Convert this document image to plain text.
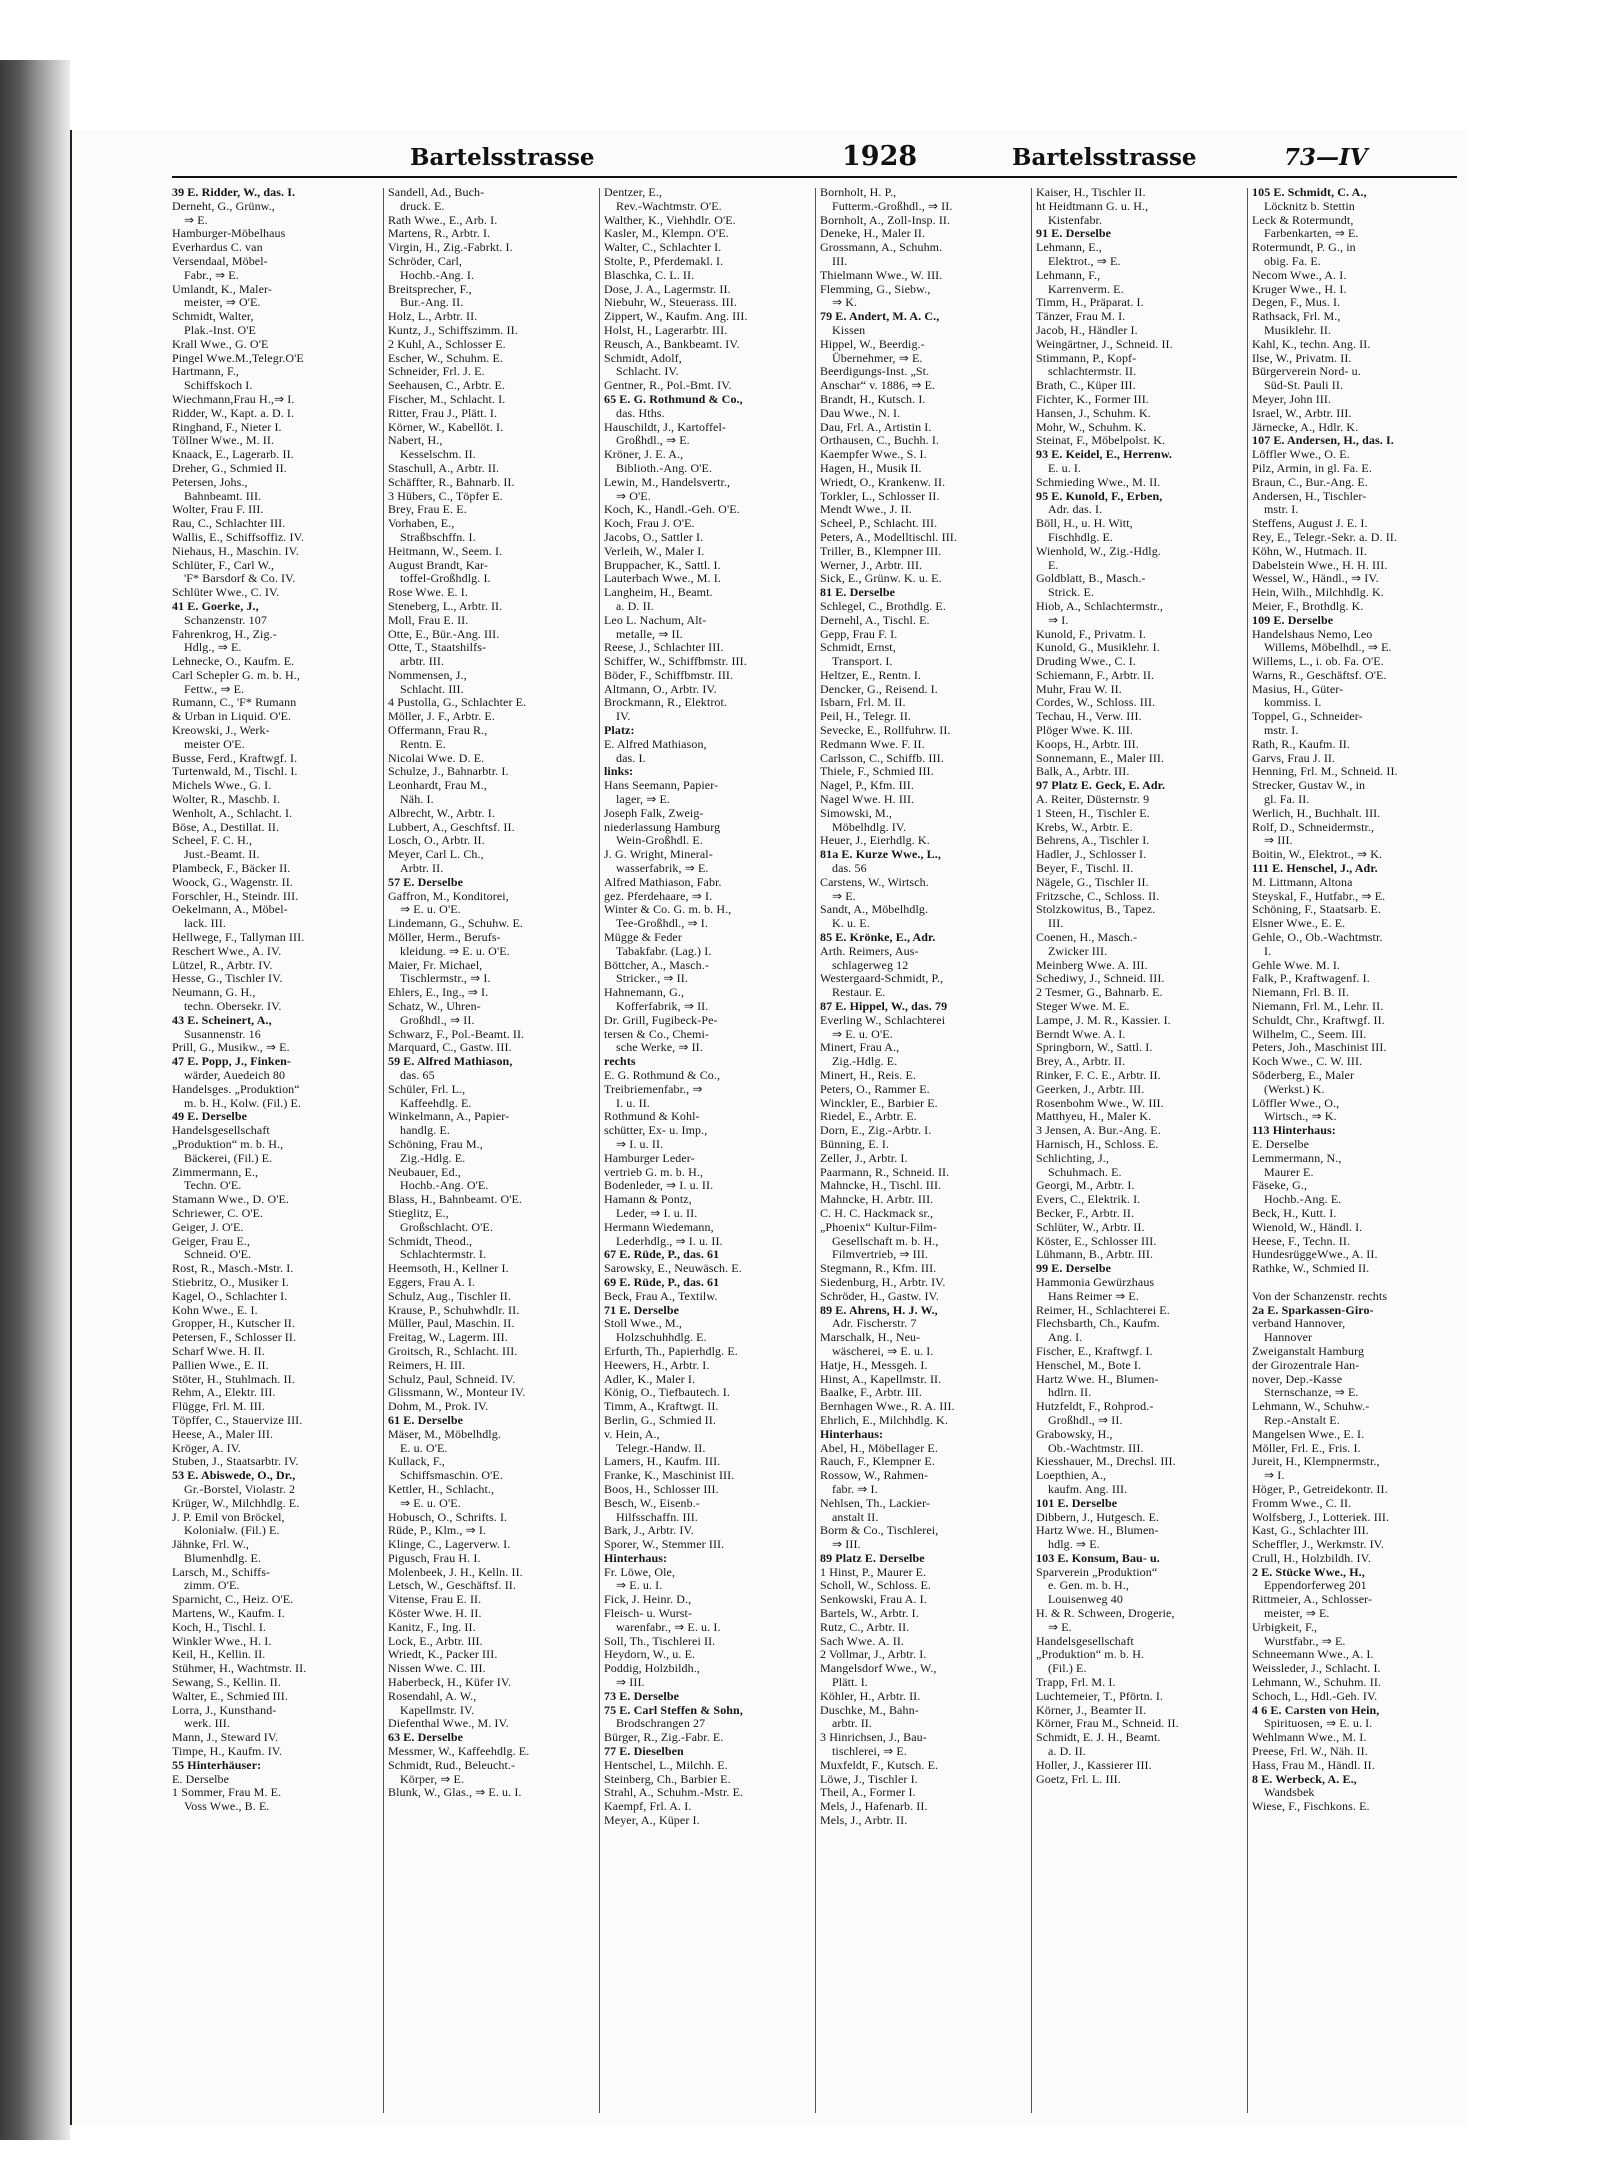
Bartelsstrasse	1928	Bartelsstrasse	73—IV
39 E. Ridder, W., das. I.
Derneht, G., Grünw.,
⇒ E.
Hamburger-Möbelhaus
Everhardus C. van
Versendaal, Möbel-
Fabr., ⇒ E.
Umlandt, K., Maler-
meister, ⇒ O'E.
Schmidt, Walter,
Plak.-Inst. O'E
Krall Wwe., G. O'E
Pingel Wwe.M.,Telegr.O'E
Hartmann, F.,
Schiffskoch I.
Wiechmann,Frau H.,⇒ I.
Ridder, W., Kapt. a. D. I.
Ringhand, F., Nieter I.
Töllner Wwe., M. II.
Knaack, E., Lagerarb. II.
Dreher, G., Schmied II.
Petersen, Johs.,
Bahnbeamt. III.
Wolter, Frau F. III.
Rau, C., Schlachter III.
Wallis, E., Schiffsoffiz. IV.
Niehaus, H., Maschin. IV.
Schlüter, F., Carl W.,
'F* Barsdorf & Co. IV.
Schlüter Wwe., C. IV.
41 E. Goerke, J.,
Schanzenstr. 107
Fahrenkrog, H., Zig.-
Hdlg., ⇒ E.
Lehnecke, O., Kaufm. E.
Carl Schepler G. m. b. H.,
Fettw., ⇒ E.
Rumann, C., 'F* Rumann
& Urban in Liquid. O'E.
Kreowski, J., Werk-
meister O'E.
Busse, Ferd., Kraftwgf. I.
Turtenwald, M., Tischl. I.
Michels Wwe., G. I.
Wolter, R., Maschb. I.
Wenholt, A., Schlacht. I.
Böse, A., Destillat. II.
Scheel, F. C. H.,
Just.-Beamt. II.
Plambeck, F., Bäcker II.
Woock, G., Wagenstr. II.
Forschler, H., Steindr. III.
Oekelmann, A., Möbel-
lack. III.
Hellwege, F., Tallyman III.
Reschert Wwe., A. IV.
Lützel, R., Arbtr. IV.
Hesse, G., Tischler IV.
Neumann, G. H.,
techn. Obersekr. IV.
43 E. Scheinert, A.,
Susannenstr. 16
Prill, G., Musikw., ⇒ E.
47 E. Popp, J., Finken-
wärder, Auedeich 80
Handelsges. „Produktion“
m. b. H., Kolw. (Fil.) E.
49 E. Derselbe
Handelsgesellschaft
„Produktion“ m. b. H.,
Bäckerei, (Fil.) E.
Zimmermann, E.,
Techn. O'E.
Stamann Wwe., D. O'E.
Schriewer, C. O'E.
Geiger, J. O'E.
Geiger, Frau E.,
Schneid. O'E.
Rost, R., Masch.-Mstr. I.
Stiebritz, O., Musiker I.
Kagel, O., Schlachter I.
Kohn Wwe., E. I.
Gropper, H., Kutscher II.
Petersen, F., Schlosser II.
Scharf Wwe. H. II.
Pallien Wwe., E. II.
Stöter, H., Stuhlmach. II.
Rehm, A., Elektr. III.
Flügge, Frl. M. III.
Töpffer, C., Stauervize III.
Heese, A., Maler III.
Kröger, A. IV.
Stuben, J., Staatsarbtr. IV.
53 E. Abiswede, O., Dr.,
Gr.-Borstel, Violastr. 2
Krüger, W., Milchhdlg. E.
J. P. Emil von Bröckel,
Kolonialw. (Fil.) E.
Jähnke, Frl. W.,
Blumenhdlg. E.
Larsch, M., Schiffs-
zimm. O'E.
Sparnicht, C., Heiz. O'E.
Martens, W., Kaufm. I.
Koch, H., Tischl. I.
Winkler Wwe., H. I.
Keil, H., Kellin. II.
Stühmer, H., Wachtmstr. II.
Sewang, S., Kellin. II.
Walter, E., Schmied III.
Lorra, J., Kunsthand-
werk. III.
Mann, J., Steward IV.
Timpe, H., Kaufm. IV.
55 Hinterhäuser:
E. Derselbe
1 Sommer, Frau M. E.
Voss Wwe., B. E.
Sandell, Ad., Buch-
druck. E.
Rath Wwe., E., Arb. I.
Martens, R., Arbtr. I.
Virgin, H., Zig.-Fabrkt. I.
Schröder, Carl,
Hochb.-Ang. I.
Breitsprecher, F.,
Bur.-Ang. II.
Holz, L., Arbtr. II.
Kuntz, J., Schiffszimm. II.
2 Kuhl, A., Schlosser E.
Escher, W., Schuhm. E.
Schneider, Frl. J. E.
Seehausen, C., Arbtr. E.
Fischer, M., Schlacht. I.
Ritter, Frau J., Plätt. I.
Körner, W., Kabellöt. I.
Nabert, H.,
Kesselschm. II.
Staschull, A., Arbtr. II.
Schäffter, R., Bahnarb. II.
3 Hübers, C., Töpfer E.
Brey, Frau E. E.
Vorhaben, E.,
Straßbschffn. I.
Heitmann, W., Seem. I.
August Brandt, Kar-
toffel-Großhdlg. I.
Rose Wwe. E. I.
Steneberg, L., Arbtr. II.
Moll, Frau E. II.
Otte, E., Bür.-Ang. III.
Otte, T., Staatshilfs-
arbtr. III.
Nommensen, J.,
Schlacht. III.
4 Pustolla, G., Schlachter E.
Möller, J. F., Arbtr. E.
Offermann, Frau R.,
Rentn. E.
Nicolai Wwe. D. E.
Schulze, J., Bahnarbtr. I.
Leonhardt, Frau M.,
Näh. I.
Albrecht, W., Arbtr. I.
Lubbert, A., Geschftsf. II.
Losch, O., Arbtr. II.
Meyer, Carl L. Ch.,
Arbtr. II.
57 E. Derselbe
Gaffron, M., Konditorei,
⇒ E. u. O'E.
Lindemann, G., Schuhw. E.
Möller, Herm., Berufs-
kleidung. ⇒ E. u. O'E.
Maier, Fr. Michael,
Tischlermstr., ⇒ I.
Ehlers, E., Ing., ⇒ I.
Schatz, W., Uhren-
Großhdl., ⇒ II.
Schwarz, F., Pol.-Beamt. II.
Marquard, C., Gastw. III.
59 E. Alfred Mathiason,
das. 65
Schüler, Frl. L.,
Kaffeehdlg. E.
Winkelmann, A., Papier-
handlg. E.
Schöning, Frau M.,
Zig.-Hdlg. E.
Neubauer, Ed.,
Hochb.-Ang. O'E.
Blass, H., Bahnbeamt. O'E.
Stieglitz, E.,
Großschlacht. O'E.
Schmidt, Theod.,
Schlachtermstr. I.
Heemsoth, H., Kellner I.
Eggers, Frau A. I.
Schulz, Aug., Tischler II.
Krause, P., Schuhwhdlr. II.
Müller, Paul, Maschin. II.
Freitag, W., Lagerm. III.
Groitsch, R., Schlacht. III.
Reimers, H. III.
Schulz, Paul, Schneid. IV.
Glissmann, W., Monteur IV.
Dohm, M., Prok. IV.
61 E. Derselbe
Mäser, M., Möbelhdlg.
E. u. O'E.
Kullack, F.,
Schiffsmaschin. O'E.
Kettler, H., Schlacht.,
⇒ E. u. O'E.
Hobusch, O., Schrifts. I.
Rüde, P., Klm., ⇒ I.
Klinge, C., Lagerverw. I.
Pigusch, Frau H. I.
Molenbeek, J. H., Kelln. II.
Letsch, W., Geschäftsf. II.
Vitense, Frau E. II.
Köster Wwe. H. II.
Kanitz, F., Ing. II.
Lock, E., Arbtr. III.
Wriedt, K., Packer III.
Nissen Wwe. C. III.
Haberbeck, H., Küfer IV.
Rosendahl, A. W.,
Kapellmstr. IV.
Diefenthal Wwe., M. IV.
63 E. Derselbe
Messmer, W., Kaffeehdlg. E.
Schmidt, Rud., Beleucht.-
Körper, ⇒ E.
Blunk, W., Glas., ⇒ E. u. I.
Dentzer, E.,
Rev.-Wachtmstr. O'E.
Walther, K., Viehhdlr. O'E.
Kasler, M., Klempn. O'E.
Walter, C., Schlachter I.
Stolte, P., Pferdemakl. I.
Blaschka, C. L. II.
Dose, J. A., Lagermstr. II.
Niebuhr, W., Steuerass. III.
Zippert, W., Kaufm. Ang. III.
Holst, H., Lagerarbtr. III.
Reusch, A., Bankbeamt. IV.
Schmidt, Adolf,
Schlacht. IV.
Gentner, R., Pol.-Bmt. IV.
65 E. G. Rothmund & Co.,
das. Hths.
Hauschildt, J., Kartoffel-
Großhdl., ⇒ E.
Kröner, J. E. A.,
Biblioth.-Ang. O'E.
Lewin, M., Handelsvertr.,
⇒ O'E.
Koch, K., Handl.-Geh. O'E.
Koch, Frau J. O'E.
Jacobs, O., Sattler I.
Verleih, W., Maler I.
Bruppacher, K., Sattl. I.
Lauterbach Wwe., M. I.
Langheim, H., Beamt.
a. D. II.
Leo L. Nachum, Alt-
metalle, ⇒ II.
Reese, J., Schlachter III.
Schiffer, W., Schiffbmstr. III.
Böder, F., Schiffbmstr. III.
Altmann, O., Arbtr. IV.
Brockmann, R., Elektrot.
IV.
Platz:
E. Alfred Mathiason,
das. I.
links:
Hans Seemann, Papier-
lager, ⇒ E.
Joseph Falk, Zweig-
niederlassung Hamburg
Wein-Großhdl. E.
J. G. Wright, Mineral-
wasserfabrik, ⇒ E.
Alfred Mathiason, Fabr.
gez. Pferdehaare, ⇒ I.
Winter & Co. G. m. b. H.,
Tee-Großhdl., ⇒ I.
Mügge & Feder
Tabakfabr. (Lag.) I.
Böttcher, A., Masch.-
Stricker., ⇒ II.
Hahnemann, G.,
Kofferfabrik, ⇒ II.
Dr. Grill, Fugibeck-Pe-
tersen & Co., Chemi-
sche Werke, ⇒ II.
rechts
E. G. Rothmund & Co.,
Treibriemenfabr., ⇒
I. u. II.
Rothmund & Kohl-
schütter, Ex- u. Imp.,
⇒ I. u. II.
Hamburger Leder-
vertrieb G. m. b. H.,
Bodenleder, ⇒ I. u. II.
Hamann & Pontz,
Leder, ⇒ I. u. II.
Hermann Wiedemann,
Lederhdlg., ⇒ I. u. II.
67 E. Rüde, P., das. 61
Sarowsky, E., Neuwäsch. E.
69 E. Rüde, P., das. 61
Beck, Frau A., Textilw.
71 E. Derselbe
Stoll Wwe., M.,
Holzschuhhdlg. E.
Erfurth, Th., Papierhdlg. E.
Heewers, H., Arbtr. I.
Adler, K., Maler I.
König, O., Tiefbautech. I.
Timm, A., Kraftwgt. II.
Berlin, G., Schmied II.
v. Hein, A.,
Telegr.-Handw. II.
Lamers, H., Kaufm. III.
Franke, K., Maschinist III.
Boos, H., Schlosser III.
Besch, W., Eisenb.-
Hilfsschaffn. III.
Bark, J., Arbtr. IV.
Sporer, W., Stemmer III.
Hinterhaus:
Fr. Löwe, Ole,
⇒ E. u. I.
Fick, J. Heinr. D.,
Fleisch- u. Wurst-
warenfabr., ⇒ E. u. I.
Soll, Th., Tischlerei II.
Heydorn, W., u. E.
Poddig, Holzbildh.,
⇒ III.
73 E. Derselbe
75 E. Carl Steffen & Sohn,
Brodschrangen 27
Bürger, R., Zig.-Fabr. E.
77 E. Dieselben
Hentschel, L., Milchh. E.
Steinberg, Ch., Barbier E.
Strahl, A., Schuhm.-Mstr. E.
Kaempf, Frl. A. I.
Meyer, A., Küper I.
Bornholt, H. P.,
Futterm.-Großhdl., ⇒ II.
Bornholt, A., Zoll-Insp. II.
Deneke, H., Maler II.
Grossmann, A., Schuhm.
III.
Thielmann Wwe., W. III.
Flemming, G., Siebw.,
⇒ K.
79 E. Andert, M. A. C.,
Kissen
Hippel, W., Beerdig.-
Übernehmer, ⇒ E.
Beerdigungs-Inst. „St.
Anschar“ v. 1886, ⇒ E.
Brandt, H., Kutsch. I.
Dau Wwe., N. I.
Dau, Frl. A., Artistin I.
Orthausen, C., Buchh. I.
Kaempfer Wwe., S. I.
Hagen, H., Musik II.
Wriedt, O., Krankenw. II.
Torkler, L., Schlosser II.
Mendt Wwe., J. II.
Scheel, P., Schlacht. III.
Peters, A., Modelltischl. III.
Triller, B., Klempner III.
Werner, J., Arbtr. III.
Sick, E., Grünw. K. u. E.
81 E. Derselbe
Schlegel, C., Brothdlg. E.
Dernehl, A., Tischl. E.
Gepp, Frau F. I.
Schmidt, Ernst,
Transport. I.
Heltzer, E., Rentn. I.
Dencker, G., Reisend. I.
Isbarn, Frl. M. II.
Peil, H., Telegr. II.
Sevecke, E., Rollfuhrw. II.
Redmann Wwe. F. II.
Carlsson, C., Schiffb. III.
Thiele, F., Schmied III.
Nagel, P., Kfm. III.
Nagel Wwe. H. III.
Simowski, M.,
Möbelhdlg. IV.
Heuer, J., Eierhdlg. K.
81a E. Kurze Wwe., L.,
das. 56
Carstens, W., Wirtsch.
⇒ E.
Sandt, A., Möbelhdlg.
K. u. E.
85 E. Krönke, E., Adr.
Arth. Reimers, Aus-
schlagerweg 12
Westergaard-Schmidt, P.,
Restaur. E.
87 E. Hippel, W., das. 79
Everling W., Schlachterei
⇒ E. u. O'E.
Minert, Frau A.,
Zig.-Hdlg. E.
Minert, H., Reis. E.
Peters, O., Rammer E.
Winckler, E., Barbier E.
Riedel, E., Arbtr. E.
Dorn, E., Zig.-Arbtr. I.
Bünning, E. I.
Zeller, J., Arbtr. I.
Paarmann, R., Schneid. II.
Mahncke, H., Tischl. III.
Mahncke, H. Arbtr. III.
C. H. C. Hackmack sr.,
„Phoenix“ Kultur-Film-
Gesellschaft m. b. H.,
Filmvertrieb, ⇒ III.
Stegmann, R., Kfm. III.
Siedenburg, H., Arbtr. IV.
Schröder, H., Gastw. IV.
89 E. Ahrens, H. J. W.,
Adr. Fischerstr. 7
Marschalk, H., Neu-
wäscherei, ⇒ E. u. I.
Hatje, H., Messgeh. I.
Hinst, A., Kapellmstr. II.
Baalke, F., Arbtr. III.
Bernhagen Wwe., R. A. III.
Ehrlich, E., Milchhdlg. K.
Hinterhaus:
Abel, H., Möbellager E.
Rauch, F., Klempner E.
Rossow, W., Rahmen-
fabr. ⇒ I.
Nehlsen, Th., Lackier-
anstalt II.
Borm & Co., Tischlerei,
⇒ III.
89 Platz E. Derselbe
1 Hinst, P., Maurer E.
Scholl, W., Schloss. E.
Senkowski, Frau A. I.
Bartels, W., Arbtr. I.
Rutz, C., Arbtr. II.
Sach Wwe. A. II.
2 Vollmar, J., Arbtr. I.
Mangelsdorf Wwe., W.,
Plätt. I.
Köhler, H., Arbtr. II.
Duschke, M., Bahn-
arbtr. II.
3 Hinrichsen, J., Bau-
tischlerei, ⇒ E.
Muxfeldt, F., Kutsch. E.
Löwe, J., Tischler I.
Theil, A., Former I.
Mels, J., Hafenarb. II.
Mels, J., Arbtr. II.
Kaiser, H., Tischler II.
ht Heidtmann G. u. H.,
Kistenfabr.
91 E. Derselbe
Lehmann, E.,
Elektrot., ⇒ E.
Lehmann, F.,
Karrenverm. E.
Timm, H., Präparat. I.
Tänzer, Frau M. I.
Jacob, H., Händler I.
Weingärtner, J., Schneid. II.
Stimmann, P., Kopf-
schlachtermstr. II.
Brath, C., Küper III.
Fichter, K., Former III.
Hansen, J., Schuhm. K.
Mohr, W., Schuhm. K.
Steinat, F., Möbelpolst. K.
93 E. Keidel, E., Herrenw.
E. u. I.
Schmieding Wwe., M. II.
95 E. Kunold, F., Erben,
Adr. das. I.
Böll, H., u. H. Witt,
Fischhdlg. E.
Wienhold, W., Zig.-Hdlg.
E.
Goldblatt, B., Masch.-
Strick. E.
Hiob, A., Schlachtermstr.,
⇒ I.
Kunold, F., Privatm. I.
Kunold, G., Musiklehr. I.
Druding Wwe., C. I.
Schiemann, F., Arbtr. II.
Muhr, Frau W. II.
Cordes, W., Schloss. III.
Techau, H., Verw. III.
Plöger Wwe. K. III.
Koops, H., Arbtr. III.
Sonnemann, E., Maler III.
Balk, A., Arbtr. III.
97 Platz E. Geck, E. Adr.
A. Reiter, Düsternstr. 9
1 Steen, H., Tischler E.
Krebs, W., Arbtr. E.
Behrens, A., Tischler I.
Hadler, J., Schlosser I.
Beyer, F., Tischl. II.
Nägele, G., Tischler II.
Fritzsche, C., Schloss. II.
Stolzkowitus, B., Tapez.
III.
Coenen, H., Masch.-
Zwicker III.
Meinberg Wwe. A. III.
Schediwy, J., Schneid. III.
2 Tesmer, G., Bahnarb. E.
Steger Wwe. M. E.
Lampe, J. M. R., Kassier. I.
Berndt Wwe. A. I.
Springborn, W., Sattl. I.
Brey, A., Arbtr. II.
Rinker, F. C. E., Arbtr. II.
Geerken, J., Arbtr. III.
Rosenbohm Wwe., W. III.
Matthyeu, H., Maler K.
3 Jensen, A. Bur.-Ang. E.
Harnisch, H., Schloss. E.
Schlichting, J.,
Schuhmach. E.
Georgi, M., Arbtr. I.
Evers, C., Elektrik. I.
Becker, F., Arbtr. II.
Schlüter, W., Arbtr. II.
Köster, E., Schlosser III.
Lühmann, B., Arbtr. III.
99 E. Derselbe
Hammonia Gewürzhaus
Hans Reimer ⇒ E.
Reimer, H., Schlachterei E.
Flechsbarth, Ch., Kaufm.
Ang. I.
Fischer, E., Kraftwgf. I.
Henschel, M., Bote I.
Hartz Wwe. H., Blumen-
hdlrn. II.
Hutzfeldt, F., Rohprod.-
Großhdl., ⇒ II.
Grabowsky, H.,
Ob.-Wachtmstr. III.
Kiesshauer, M., Drechsl. III.
Loepthien, A.,
kaufm. Ang. III.
101 E. Derselbe
Dibbern, J., Hutgesch. E.
Hartz Wwe. H., Blumen-
hdlg. ⇒ E.
103 E. Konsum, Bau- u.
Sparverein „Produktion“
e. Gen. m. b. H.,
Louisenweg 40
H. & R. Schween, Drogerie,
⇒ E.
Handelsgesellschaft
„Produktion“ m. b. H.
(Fil.) E.
Trapp, Frl. M. I.
Luchtemeier, T., Pförtn. I.
Körner, J., Beamter II.
Körner, Frau M., Schneid. II.
Schmidt, E. J. H., Beamt.
a. D. II.
Holler, J., Kassierer III.
Goetz, Frl. L. III.
105 E. Schmidt, C. A.,
Löcknitz b. Stettin
Leck & Rotermundt,
Farbenkarten, ⇒ E.
Rotermundt, P. G., in
obig. Fa. E.
Necom Wwe., A. I.
Kruger Wwe., H. I.
Degen, F., Mus. I.
Rathsack, Frl. M.,
Musiklehr. II.
Kahl, K., techn. Ang. II.
Ilse, W., Privatm. II.
Bürgerverein Nord- u.
Süd-St. Pauli II.
Meyer, John III.
Israel, W., Arbtr. III.
Järnecke, A., Hdlr. K.
107 E. Andersen, H., das. I.
Löffler Wwe., O. E.
Pilz, Armin, in gl. Fa. E.
Braun, C., Bur.-Ang. E.
Andersen, H., Tischler-
mstr. I.
Steffens, August J. E. I.
Rey, E., Telegr.-Sekr. a. D. II.
Köhn, W., Hutmach. II.
Dabelstein Wwe., H. H. III.
Wessel, W., Händl., ⇒ IV.
Hein, Wilh., Milchhdlg. K.
Meier, F., Brothdlg. K.
109 E. Derselbe
Handelshaus Nemo, Leo
Willems, Möbelhdl., ⇒ E.
Willems, L., i. ob. Fa. O'E.
Warns, R., Geschäftsf. O'E.
Masius, H., Güter-
kommiss. I.
Toppel, G., Schneider-
mstr. I.
Rath, R., Kaufm. II.
Garvs, Frau J. II.
Henning, Frl. M., Schneid. II.
Strecker, Gustav W., in
gl. Fa. II.
Werlich, H., Buchhalt. III.
Rolf, D., Schneidermstr.,
⇒ III.
Boitin, W., Elektrot., ⇒ K.
111 E. Henschel, J., Adr.
M. Littmann, Altona
Steyskal, F., Hutfabr., ⇒ E.
Schöning, F., Staatsarb. E.
Elsner Wwe., E. E.
Gehle, O., Ob.-Wachtmstr.
I.
Gehle Wwe. M. I.
Falk, P., Kraftwagenf. I.
Niemann, Frl. B. II.
Niemann, Frl. M., Lehr. II.
Schuldt, Chr., Kraftwgf. II.
Wilhelm, C., Seem. III.
Peters, Joh., Maschinist III.
Koch Wwe., C. W. III.
Söderberg, E., Maler
(Werkst.) K.
Löffler Wwe., O.,
Wirtsch., ⇒ K.
113 Hinterhaus:
E. Derselbe
Lemmermann, N.,
Maurer E.
Fäseke, G.,
Hochb.-Ang. E.
Beck, H., Kutt. I.
Wienold, W., Händl. I.
Heese, F., Techn. II.
HundesrüggeWwe., A. II.
Rathke, W., Schmied II.

Von der Schanzenstr. rechts
2a E. Sparkassen-Giro-
verband Hannover,
Hannover
Zweiganstalt Hamburg
der Girozentrale Han-
nover, Dep.-Kasse
Sternschanze, ⇒ E.
Lehmann, W., Schuhw.-
Rep.-Anstalt E.
Mangelsen Wwe., E. I.
Möller, Frl. E., Fris. I.
Jureit, H., Klempnermstr.,
⇒ I.
Höger, P., Getreidekontr. II.
Fromm Wwe., C. II.
Wolfsberg, J., Lotteriek. III.
Kast, G., Schlachter III.
Scheffler, J., Werkmstr. IV.
Crull, H., Holzbildh. IV.
2 E. Stücke Wwe., H.,
Eppendorferweg 201
Rittmeier, A., Schlosser-
meister, ⇒ E.
Urbigkeit, F.,
Wurstfabr., ⇒ E.
Schneemann Wwe., A. I.
Weissleder, J., Schlacht. I.
Lehmann, W., Schuhm. II.
Schoch, L., Hdl.-Geh. IV.
4 6 E. Carsten von Hein,
Spirituosen, ⇒ E. u. I.
Wehlmann Wwe., M. I.
Preese, Frl. W., Näh. II.
Hass, Frau M., Händl. II.
8 E. Werbeck, A. E.,
Wandsbek
Wiese, F., Fischkons. E.
